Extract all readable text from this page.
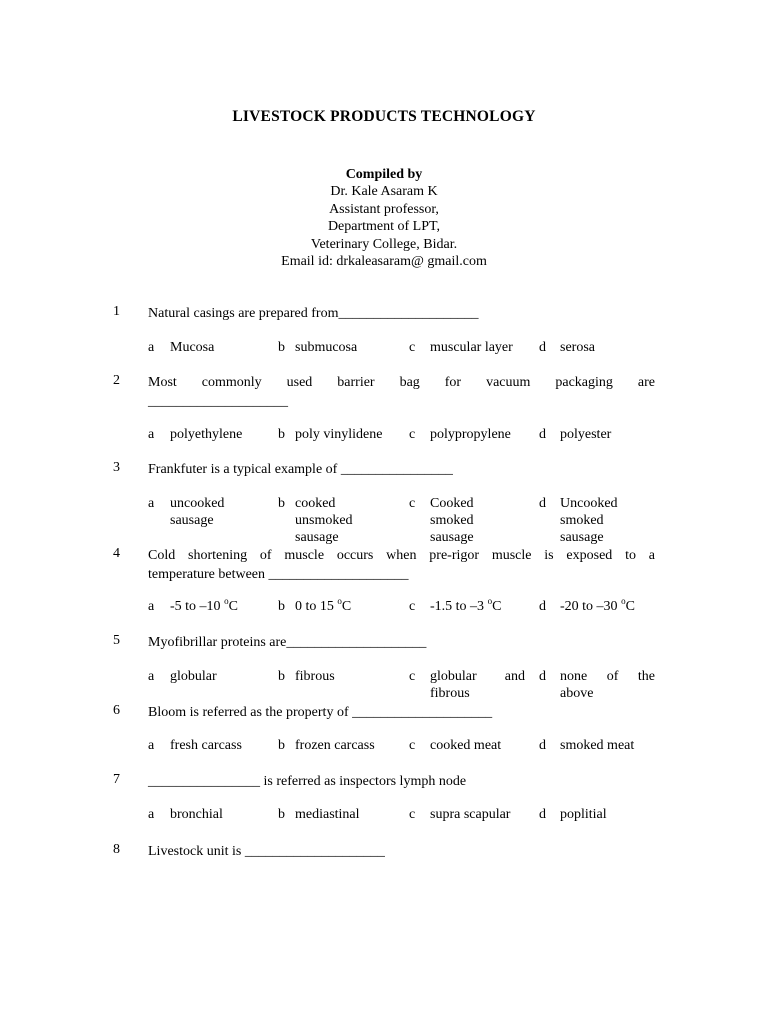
LIVESTOCK PRODUCTS TECHNOLOGY
Compiled by
Dr. Kale Asaram K
Assistant professor,
Department of LPT,
Veterinary College, Bidar.
Email id: drkaleasaram@ gmail.com
1 Natural casings are prepared from____________________
a Mucosa	b submucosa	c muscular layer d serosa
2 Most commonly used barrier bag for vacuum packaging are
____________________
a polyethylene	b poly vinylidene c polypropylene d polyester
3 Frankfuter is a typical example of ________________
a uncooked
sausage
b cooked
unsmoked
sausage
c Cooked
smoked
sausage
d Uncooked
smoked
sausage
4 Cold shortening of muscle occurs when pre-rigor muscle is exposed to a
temperature between ____________________
a -5 to –10 $^o$C	b 0 to 15 $^o$C	c -1.5 to –3 $^o$C	d -20 to –30 $^o$C
5 Myofibrillar proteins are____________________
a globular	b fibrous	c globular and
fibrous
d none of the
above
6 Bloom is referred as the property of ____________________
a fresh carcass	b frozen carcass c cooked meat	d smoked meat
7 ________________ is referred as inspectors lymph node
a bronchial	b mediastinal	c supra scapular d poplitial
8 Livestock unit is ____________________
